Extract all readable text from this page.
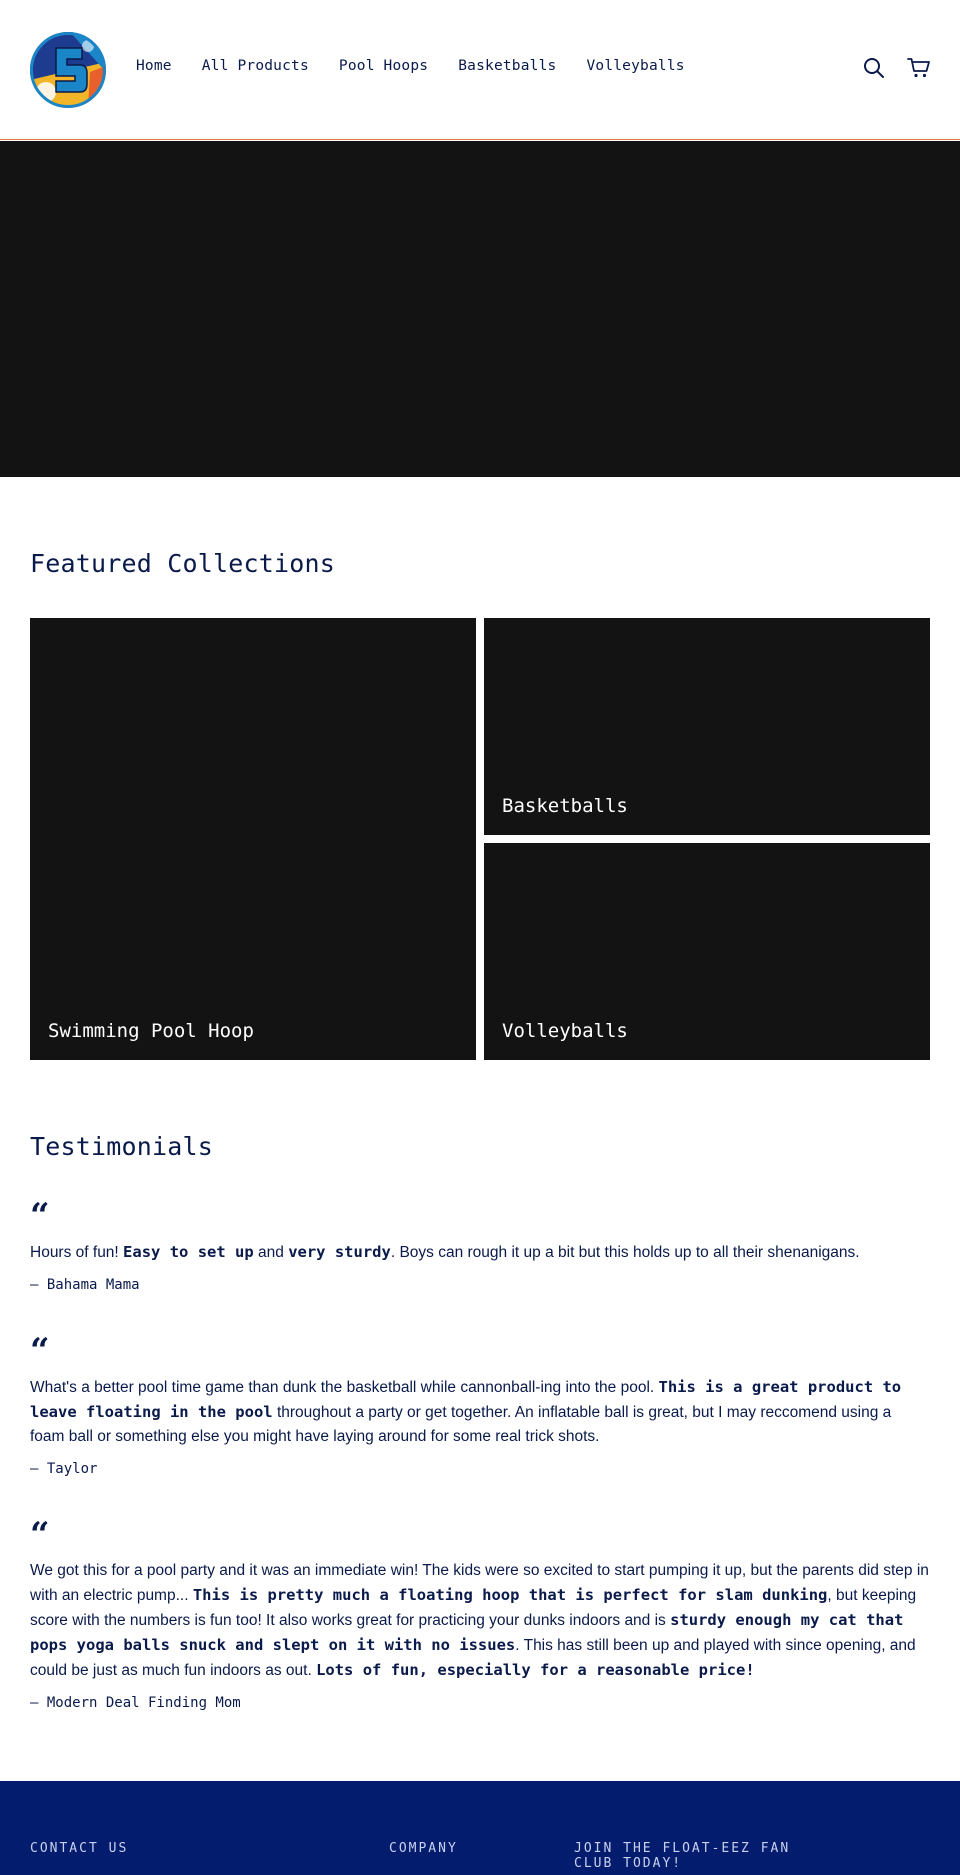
Home All Products Pool Hoops Basketballs Volleyballs
Featured Collections
Swimming Pool Hoop
Basketballs
Volleyballs
Testimonials
“

Hours of fun! Easy to set up and very sturdy. Boys can rough it up a bit but this holds up to all their shenanigans.

— Bahama Mama
“

What's a better pool time game than dunk the basketball while cannonball-ing into the pool. This is a great product to leave floating in the pool throughout a party or get together. An inflatable ball is great, but I may reccomend using a foam ball or something else you might have laying around for some real trick shots.

— Taylor
“

We got this for a pool party and it was an immediate win! The kids were so excited to start pumping it up, but the parents did step in with an electric pump... This is pretty much a floating hoop that is perfect for slam dunking, but keeping score with the numbers is fun too! It also works great for practicing your dunks indoors and is sturdy enough my cat that pops yoga balls snuck and slept on it with no issues. This has still been up and played with since opening, and could be just as much fun indoors as out. Lots of fun, especially for a reasonable price!

— Modern Deal Finding Mom
CONTACT US	COMPANY	JOIN THE FLOAT-EEZ FAN CLUB TODAY!
